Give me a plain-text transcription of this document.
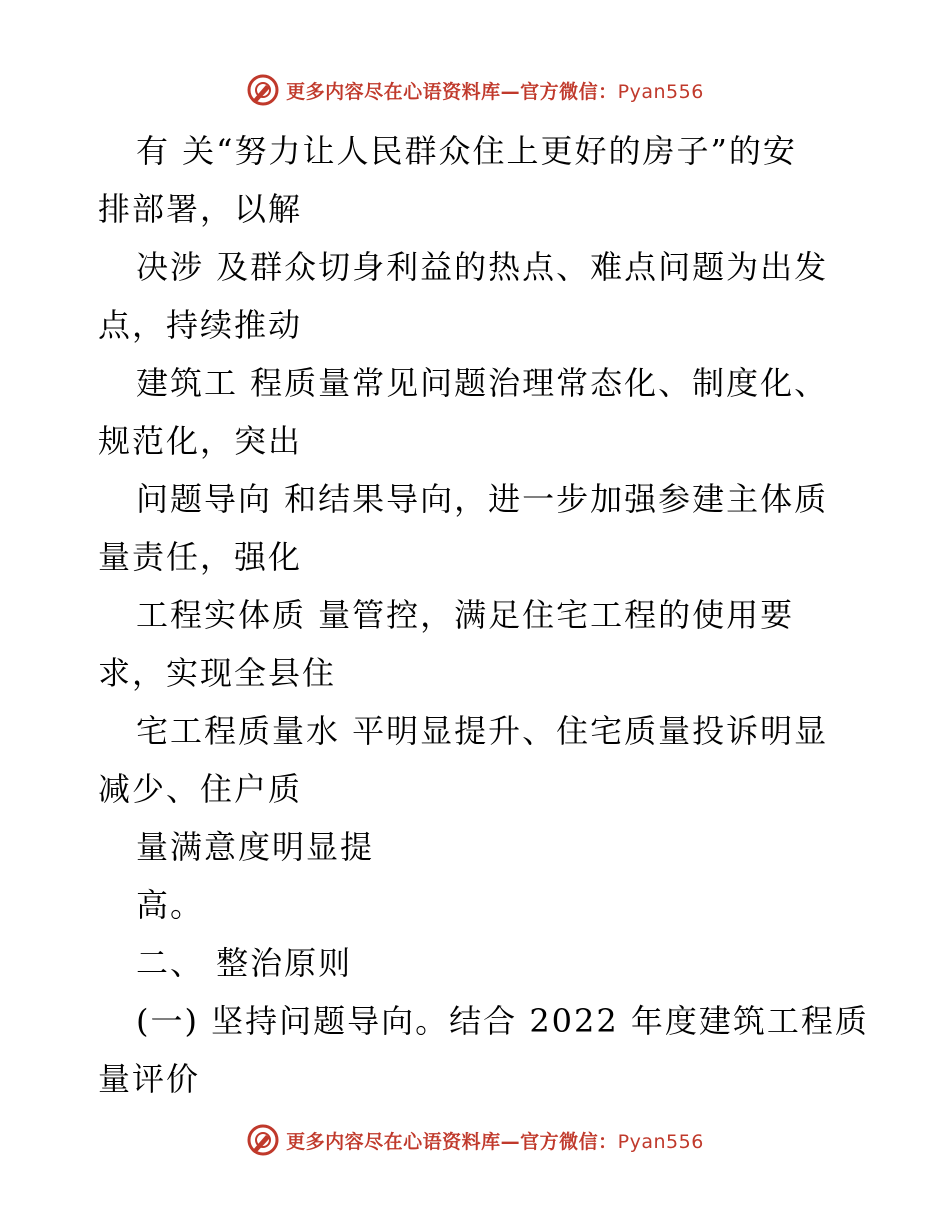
更多内容尽在心语资料库—官方微信：Pyan556
有 关“努力让人民群众住上更好的房子”的安
排部署，以解
决涉 及群众切身利益的热点、难点问题为出发
点，持续推动
建筑工 程质量常见问题治理常态化、制度化、
规范化，突出
问题导向 和结果导向，进一步加强参建主体质
量责任，强化
工程实体质 量管控，满足住宅工程的使用要
求，实现全县住
宅工程质量水 平明显提升、住宅质量投诉明显
减少、住户质
量满意度明显提
高。
二、 整治原则
(一) 坚持问题导向。结合 2022 年度建筑工程质
量评价
更多内容尽在心语资料库—官方微信：Pyan556
